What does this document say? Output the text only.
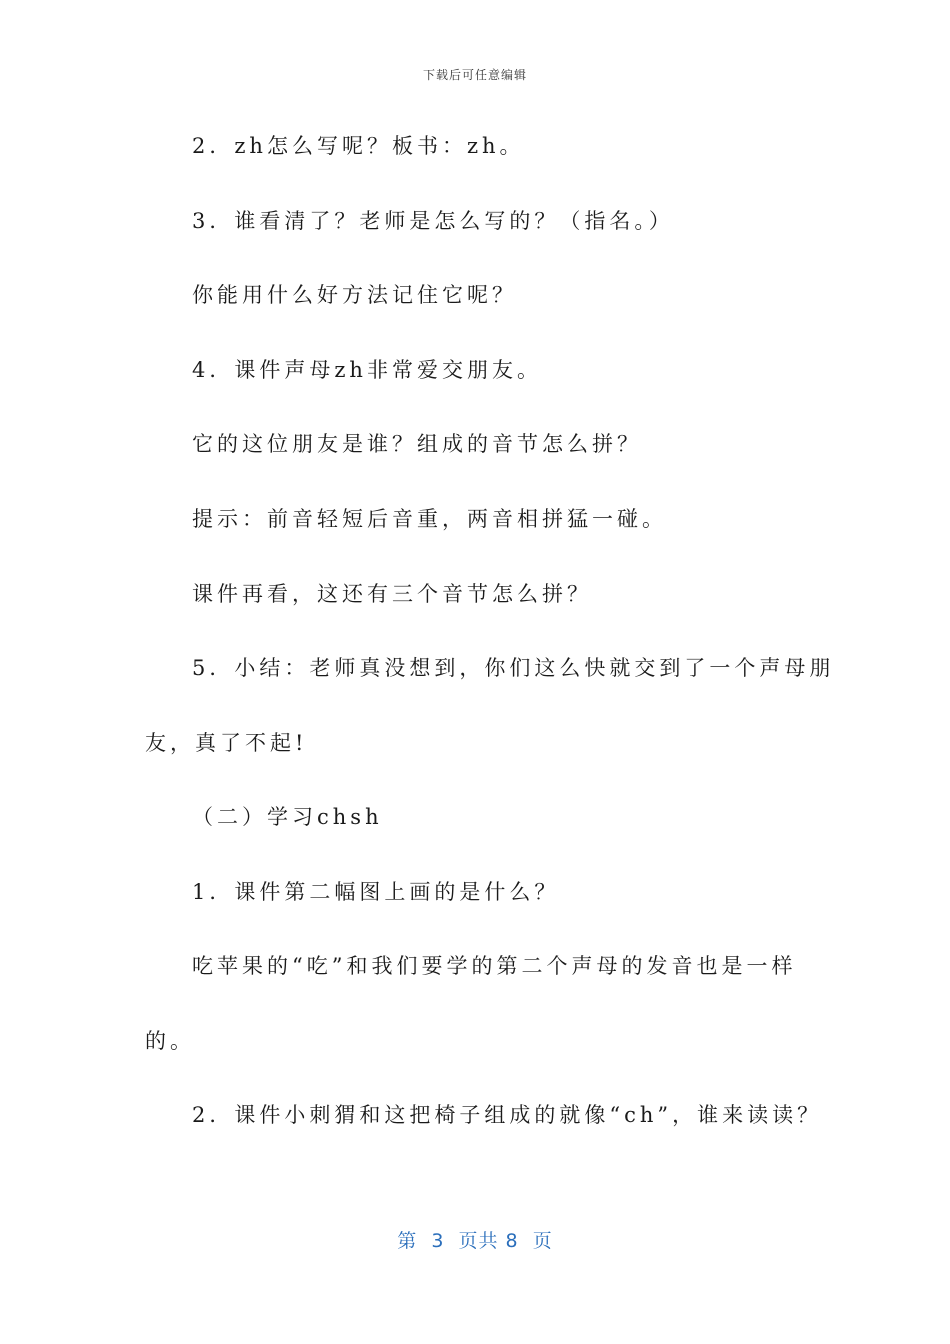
下载后可任意编辑
2．zh怎么写呢？板书：zh。
3．谁看清了？老师是怎么写的？（指名。）
你能用什么好方法记住它呢？
4．课件声母zh非常爱交朋友。
它的这位朋友是谁？组成的音节怎么拼？
提示：前音轻短后音重，两音相拼猛一碰。
课件再看，这还有三个音节怎么拼？
5．小结：老师真没想到，你们这么快就交到了一个声母朋
友，真了不起!
（二）学习chsh
1．课件第二幅图上画的是什么？
吃苹果的“吃”和我们要学的第二个声母的发音也是一样
的。
2．课件小刺猬和这把椅子组成的就像“ch”，谁来读读？
第  3  页共 8  页
